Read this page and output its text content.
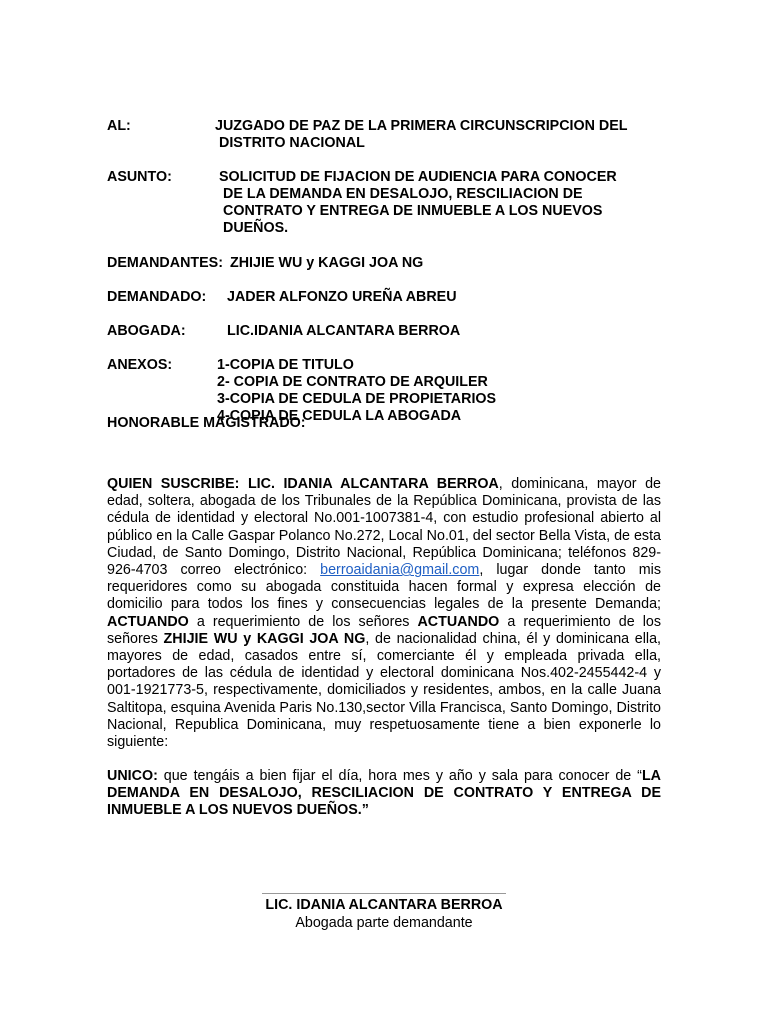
AL:	JUZGADO DE PAZ DE LA PRIMERA CIRCUNSCRIPCION DEL
DISTRITO NACIONAL
ASUNTO:	SOLICITUD DE FIJACION DE AUDIENCIA PARA CONOCER
DE LA DEMANDA EN DESALOJO, RESCILIACION DE
CONTRATO Y ENTREGA DE INMUEBLE A LOS NUEVOS
DUEÑOS.
DEMANDANTES: ZHIJIE WU y KAGGI JOA NG
DEMANDADO: JADER ALFONZO UREÑA ABREU
ABOGADA:	LIC.IDANIA ALCANTARA BERROA
ANEXOS:	1-COPIA DE TITULO
2- COPIA DE CONTRATO DE ARQUILER
3-COPIA DE CEDULA DE PROPIETARIOS
4-COPIA DE CEDULA LA ABOGADA
HONORABLE MAGISTRADO:
QUIEN SUSCRIBE: LIC. IDANIA ALCANTARA BERROA, dominicana, mayor de edad, soltera, abogada de los Tribunales de la República Dominicana, provista de las cédula de identidad y electoral No.001-1007381-4, con estudio profesional abierto al público en la Calle Gaspar Polanco No.272, Local No.01, del sector Bella Vista, de esta Ciudad, de Santo Domingo, Distrito Nacional, República Dominicana; teléfonos 829-926-4703 correo electrónico: berroaidania@gmail.com, lugar donde tanto mis requeridores como su abogada constituida hacen formal y expresa elección de domicilio para todos los fines y consecuencias legales de la presente Demanda; ACTUANDO a requerimiento de los señores ACTUANDO a requerimiento de los señores ZHIJIE WU y KAGGI JOA NG, de nacionalidad china, él y dominicana ella, mayores de edad, casados entre sí, comerciante él y empleada privada ella, portadores de las cédula de identidad y electoral dominicana Nos.402-2455442-4 y 001-1921773-5, respectivamente, domiciliados y residentes, ambos, en la calle Juana Saltitopa, esquina Avenida Paris No.130,sector Villa Francisca, Santo Domingo, Distrito Nacional, Republica Dominicana, muy respetuosamente tiene a bien exponerle lo siguiente:
UNICO: que tengáis a bien fijar el día, hora mes y año y sala para conocer de “LA DEMANDA EN DESALOJO, RESCILIACION DE CONTRATO Y ENTREGA DE INMUEBLE A LOS NUEVOS DUEÑOS.”
LIC. IDANIA ALCANTARA BERROA
Abogada parte demandante
